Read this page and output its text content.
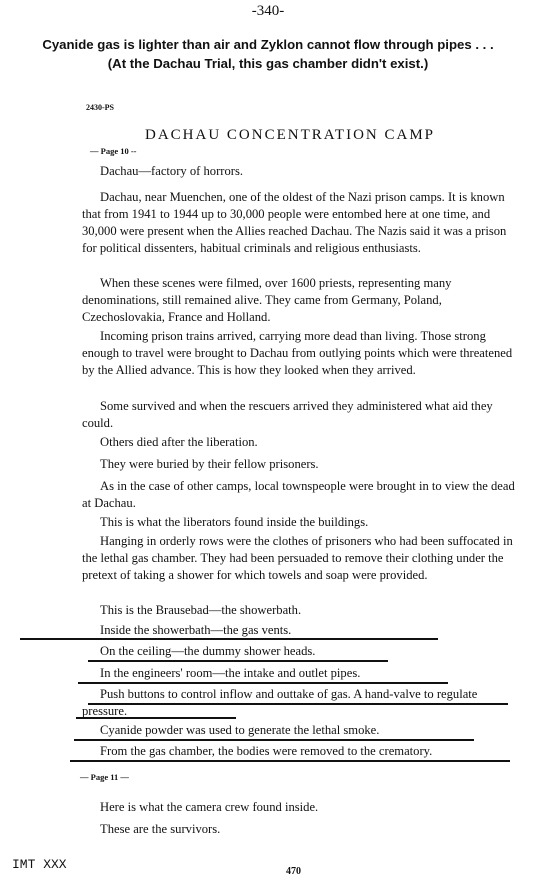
-340-
Cyanide gas is lighter than air and Zyklon cannot flow through pipes . . .
(At the Dachau Trial, this gas chamber didn't exist.)
2430-PS
DACHAU CONCENTRATION CAMP
— Page 10 --
Dachau—factory of horrors.
Dachau, near Muenchen, one of the oldest of the Nazi prison camps. It is known that from 1941 to 1944 up to 30,000 people were entombed here at one time, and 30,000 were present when the Allies reached Dachau. The Nazis said it was a prison for political dissenters, habitual criminals and religious enthusiasts.
When these scenes were filmed, over 1600 priests, representing many denominations, still remained alive. They came from Germany, Poland, Czechoslovakia, France and Holland.
Incoming prison trains arrived, carrying more dead than living. Those strong enough to travel were brought to Dachau from outlying points which were threatened by the Allied advance. This is how they looked when they arrived.
Some survived and when the rescuers arrived they administered what aid they could.
Others died after the liberation.
They were buried by their fellow prisoners.
As in the case of other camps, local townspeople were brought in to view the dead at Dachau.
This is what the liberators found inside the buildings.
Hanging in orderly rows were the clothes of prisoners who had been suffocated in the lethal gas chamber. They had been persuaded to remove their clothing under the pretext of taking a shower for which towels and soap were provided.
This is the Brausebad—the showerbath.
Inside the showerbath—the gas vents.
On the ceiling—the dummy shower heads.
In the engineers' room—the intake and outlet pipes.
Push buttons to control inflow and outtake of gas. A hand-valve to regulate pressure.
Cyanide powder was used to generate the lethal smoke.
From the gas chamber, the bodies were removed to the crematory.
— Page 11 —
Here is what the camera crew found inside.
These are the survivors.
IMT XXX	470
